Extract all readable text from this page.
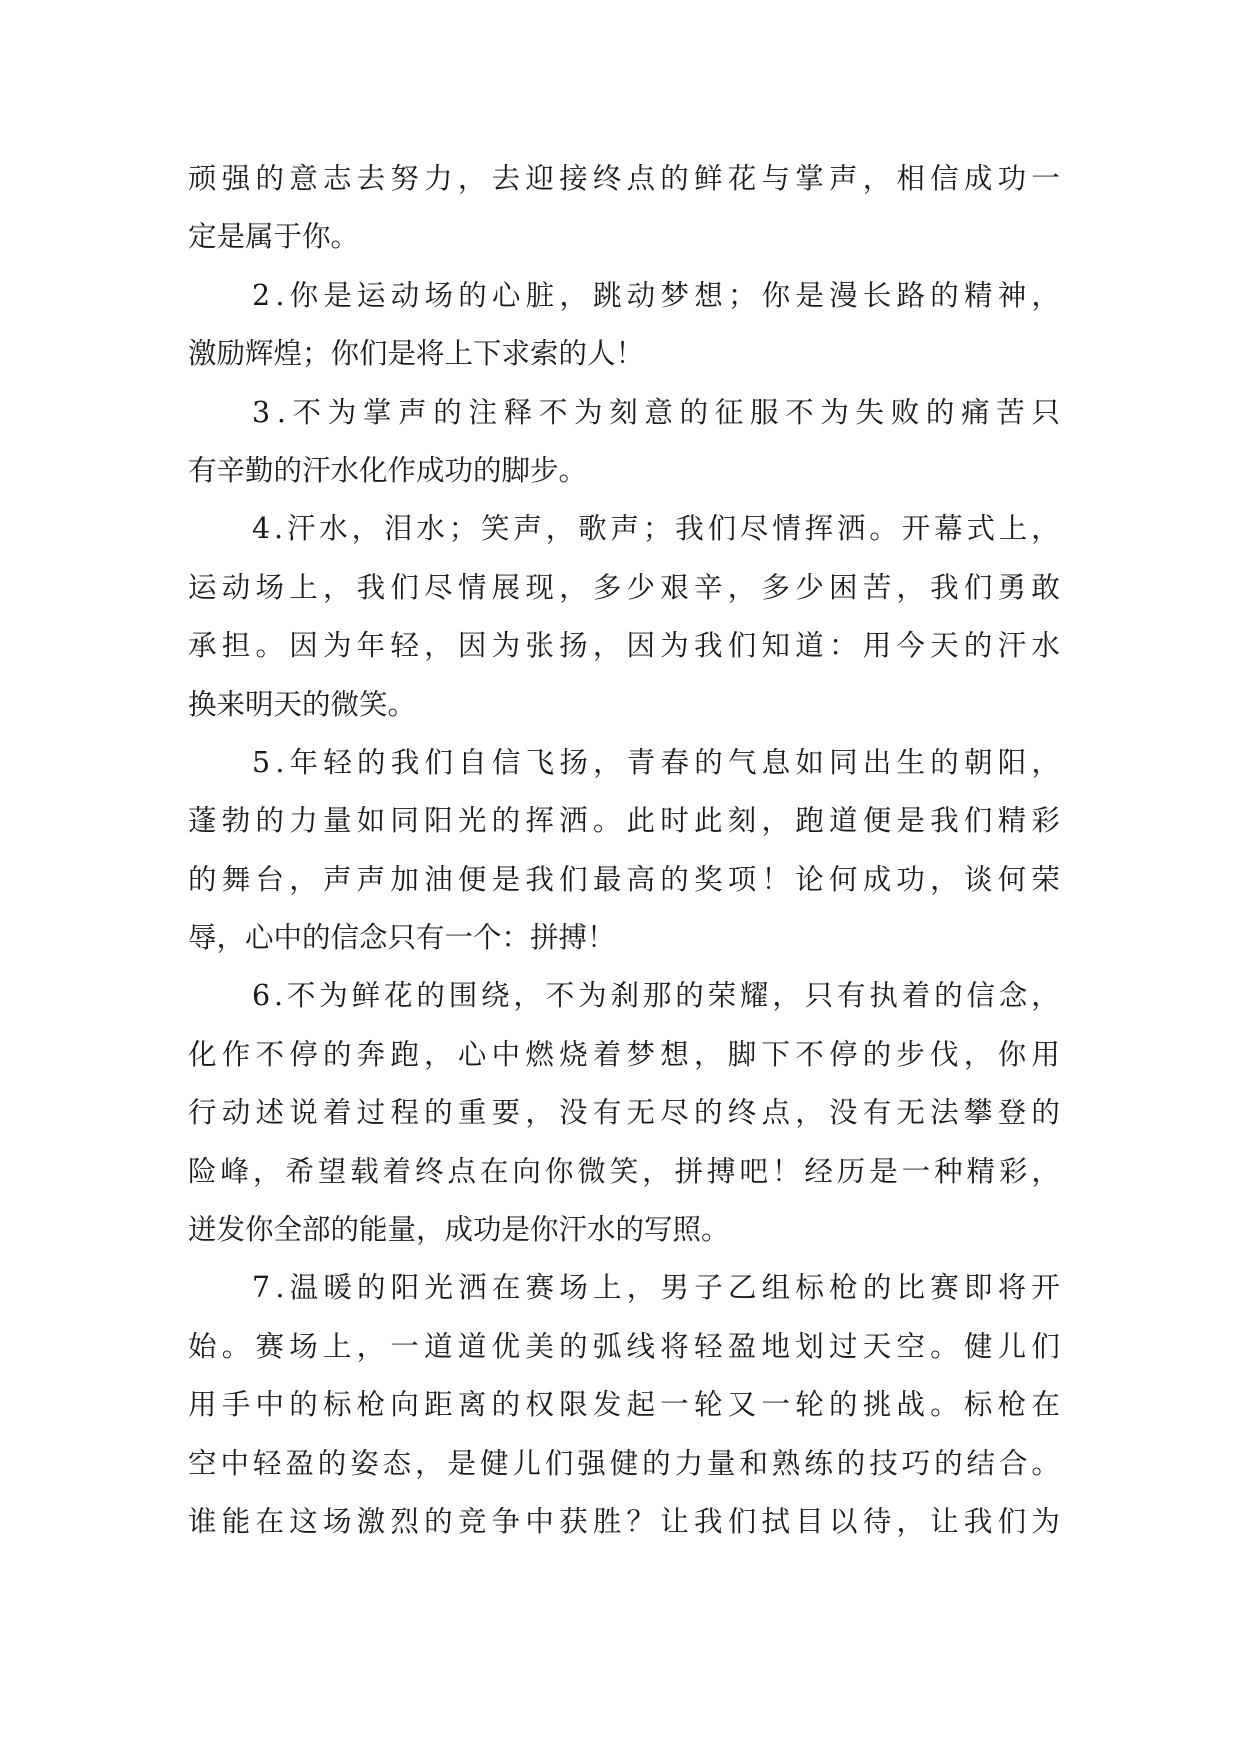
顽 强 的 意 志 去 努 力 ， 去 迎 接 终 点 的 鲜 花 与 掌 声 ， 相 信 成 功 一
定是属于你。
2 . 你 是 运 动 场 的 心 脏 ， 跳 动 梦 想 ； 你 是 漫 长 路 的 精 神 ，
激励辉煌；你们是将上下求索的人！
3 . 不 为 掌 声 的 注 释 不 为 刻 意 的 征 服 不 为 失 败 的 痛 苦 只
有辛勤的汗水化作成功的脚步。
4 . 汗 水 ， 泪 水 ； 笑 声 ， 歌 声 ； 我 们 尽 情 挥 洒 。 开 幕 式 上 ，
运 动 场 上 ， 我 们 尽 情 展 现 ， 多 少 艰 辛 ， 多 少 困 苦 ， 我 们 勇 敢
承 担 。 因 为 年 轻 ， 因 为 张 扬 ， 因 为 我 们 知 道 ： 用 今 天 的 汗 水
换来明天的微笑。
5 . 年 轻 的 我 们 自 信 飞 扬 ， 青 春 的 气 息 如 同 出 生 的 朝 阳 ，
蓬 勃 的 力 量 如 同 阳 光 的 挥 洒 。 此 时 此 刻 ， 跑 道 便 是 我 们 精 彩
的 舞 台 ， 声 声 加 油 便 是 我 们 最 高 的 奖 项 ！ 论 何 成 功 ， 谈 何 荣
辱，心中的信念只有一个：拼搏！
6 . 不 为 鲜 花 的 围 绕 ， 不 为 刹 那 的 荣 耀 ， 只 有 执 着 的 信 念 ，
化 作 不 停 的 奔 跑 ， 心 中 燃 烧 着 梦 想 ， 脚 下 不 停 的 步 伐 ， 你 用
行 动 述 说 着 过 程 的 重 要 ， 没 有 无 尽 的 终 点 ， 没 有 无 法 攀 登 的
险 峰 ， 希 望 载 着 终 点 在 向 你 微 笑 ， 拼 搏 吧 ！ 经 历 是 一 种 精 彩 ，
迸发你全部的能量，成功是你汗水的写照。
7 . 温 暖 的 阳 光 洒 在 赛 场 上 ， 男 子 乙 组 标 枪 的 比 赛 即 将 开
始 。 赛 场 上 ， 一 道 道 优 美 的 弧 线 将 轻 盈 地 划 过 天 空 。 健 儿 们
用 手 中 的 标 枪 向 距 离 的 权 限 发 起 一 轮 又 一 轮 的 挑 战 。 标 枪 在
空 中 轻 盈 的 姿 态 ， 是 健 儿 们 强 健 的 力 量 和 熟 练 的 技 巧 的 结 合 。
谁 能 在 这 场 激 烈 的 竞 争 中 获 胜 ？ 让 我 们 拭 目 以 待 ， 让 我 们 为
